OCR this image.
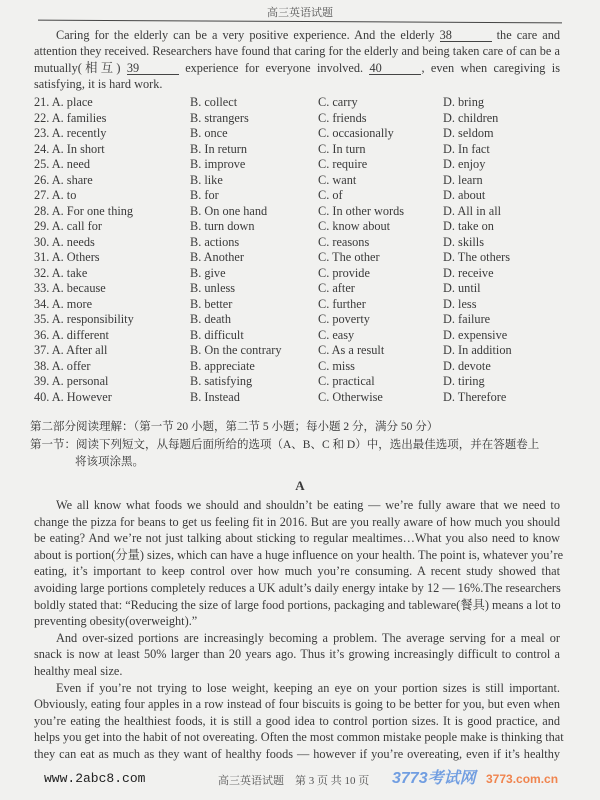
高三英语试题
Caring for the elderly can be a very positive experience. And the elderly 38	the care and
attention they received. Researchers have found that caring for the elderly and being taken care of can be a
mutually(相互) 39	experience for everyone involved. 40	, even when caregiving is
satisfying, it is hard work.
21. A. place	B. collect	C. carry	D. bring
22. A. families	B. strangers	C. friends	D. children
23. A. recently	B. once	C. occasionally	D. seldom
24. A. In short	B. In return	C. In turn	D. In fact
25. A. need	B. improve	C. require	D. enjoy
26. A. share	B. like	C. want	D. learn
27. A. to	B. for	C. of	D. about
28. A. For one thing	B. On one hand	C. In other words	D. All in all
29. A. call for	B. turn down	C. know about	D. take on
30. A. needs	B. actions	C. reasons	D. skills
31. A. Others	B. Another	C. The other	D. The others
32. A. take	B. give	C. provide	D. receive
33. A. because	B. unless	C. after	D. until
34. A. more	B. better	C. further	D. less
35. A. responsibility	B. death	C. poverty	D. failure
36. A. different	B. difficult	C. easy	D. expensive
37. A. After all	B. On the contrary	C. As a result	D. In addition
38. A. offer	B. appreciate	C. miss	D. devote
39. A. personal	B. satisfying	C. practical	D. tiring
40. A. However	B. Instead	C. Otherwise	D. Therefore
第二部分阅读理解：（第一节 20 小题，第二节 5 小题；每小题 2 分，满分 50 分）
第一节：阅读下列短文，从每题后面所给的选项（A、B、C 和 D）中，选出最佳选项，并在答题卷上
将该项涂黑。
A
We all know what foods we should and shouldn’t be eating — we’re fully aware that we need to
change the pizza for beans to get us feeling fit in 2016. But are you really aware of how much you should
be eating? And we’re not just talking about sticking to regular mealtimes…What you also need to know
about is portion(分量) sizes, which can have a huge influence on your health. The point is, whatever you’re
eating, it’s important to keep control over how much you’re consuming. A recent study showed that
avoiding large portions completely reduces a UK adult’s daily energy intake by 12 — 16%.The researchers
boldly stated that: “Reducing the size of large food portions, packaging and tableware(餐具) means a lot to
preventing obesity(overweight).”
And over-sized portions are increasingly becoming a problem. The average serving for a meal or
snack is now at least 50% larger than 20 years ago. Thus it’s growing increasingly difficult to control a
healthy meal size.
Even if you’re not trying to lose weight, keeping an eye on your portion sizes is still important.
Obviously, eating four apples in a row instead of four biscuits is going to be better for you, but even when
you’re eating the healthiest foods, it is still a good idea to control portion sizes. It is good practice, and
helps you get into the habit of not overeating. Often the most common mistake people make is thinking that
they can eat as much as they want of healthy foods — however if you’re overeating, even if it’s healthy
www.2abc8.com	高三英语试题　第 3 页 共 10 页 3773考试网 3773.com.cn
